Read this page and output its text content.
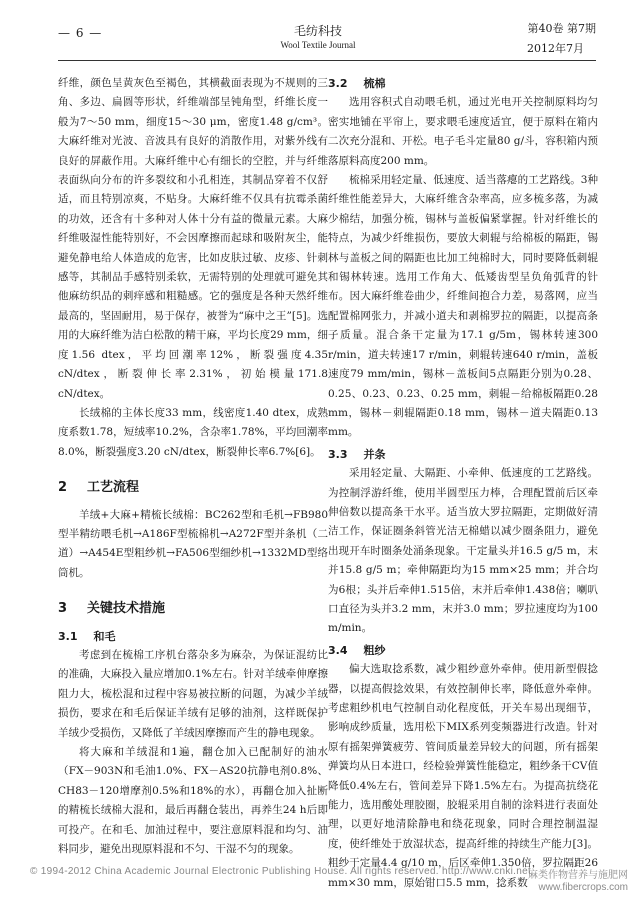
— 6 —	毛纺科技
Wool Textile Journal
第40卷 第7期
2012年7月

纤维，颜色呈黄灰色至褐色，其横截面表现为不规则的三角、多边、扁圆等形状，纤维端部呈钝角型，纤维长度一般为7～50 mm，细度15～30 μm，密度1.48 g/cm³。大麻纤维对光波、音波具有良好的消散作用，对紫外线有良好的屏蔽作用。大麻纤维中心有细长的空腔，并与纤维表面纵向分布的许多裂纹和小孔相连，其制品穿着不仅舒适，而且特别凉爽，不贴身。大麻纤维不仅具有抗霉杀菌的功效，还含有十多种对人体十分有益的微量元素。大麻纤维吸湿性能特别好，不会因摩擦而起球和吸附灰尘，能避免静电给人体造成的危害，比如皮肤过敏、皮疹、针刺感等，其制品手感特别柔软，无需特别的处理就可避免其他麻纺织品的刺痒感和粗糙感。它的强度是各种天然纤维最高的，坚固耐用，易于保存，被誉为“麻中之王”[5]。选用的大麻纤维为洁白松散的精干麻，平均长度29 mm，细度1.56 dtex，平均回潮率12%，断裂强度4.35 cN/dtex，断裂伸长率2.31%，初始模量171.8 cN/dtex。

长绒棉的主体长度33 mm，线密度1.40 dtex，成熟度系数1.78，短绒率10.2%，含杂率1.78%，平均回潮率8.0%，断裂强度3.20 cN/dtex，断裂伸长率6.7%[6]。

2 工艺流程

羊绒+大麻+精梳长绒棉：BC262型和毛机→FB980型半精纺喂毛机→A186F型梳棉机→A272F型并条机（二道）→A454E型粗纱机→FA506型细纱机→1332MD型络筒机。

3 关键技术措施
3.1 和毛

考虑到在梳棉工序机台落杂多为麻杂，为保证混纺比的准确，大麻投入量应增加0.1%左右。针对羊绒牵伸摩擦阻力大，梳松混和过程中容易被拉断的问题，为减少羊绒损伤，要求在和毛后保证羊绒有足够的油剂，这样既保护羊绒少受损伤，又降低了羊绒因摩擦而产生的静电现象。

将大麻和羊绒混和1遍，翻仓加入已配制好的油水（FX－903N和毛油1.0%、FX－AS20抗静电剂0.8%、CH83－120增摩剂0.5%和18%的水），再翻仓加入扯断的精梳长绒棉大混和，最后再翻仓装出，再养生24 h后即可投产。在和毛、加油过程中，要注意原料混和均匀、油料同步，避免出现原料混和不匀、干湿不匀的现象。

3.2 梳棉

选用容积式自动喂毛机，通过光电开关控制原料均匀密实地铺在平帘上，要求喂毛速度适宜，便于原料在箱内二次充分混和、开松。电子毛斗定量80 g/斗，容积箱内预落原料高度200 mm。

梳棉采用轻定量、低速度、适当落瘪的工艺路线。3种纤维性能差异大，大麻纤维含杂率高，应多梳多落，为减少棉结，加强分梳，锡林与盖板偏紧掌握。针对纤维长的特点，为减少纤维损伤，要放大刺辊与给棉板的隔距，锡林与盖板之间的隔距也比加工纯棉时大，同时要降低刺辊和锡林转速。选用工作角大、低矮齿型呈负角弧背的针布。因大麻纤维卷曲少，纤维间抱合力差，易落网，应当配置棉网张力，并减小道夫和剥棉罗拉的隔距，以提高条子质量。混合条干定量为17.1 g/5m，锡林转速300 r/min，道夫转速17 r/min，刺辊转速640 r/min，盖板速度79 mm/min，锡林－盖板间5点隔距分别为0.28、0.25、0.23、0.23、0.25 mm，刺辊－给棉板隔距0.28 mm，锡林－刺辊隔距0.18 mm，锡林－道夫隔距0.13 mm。

3.3 并条

采用轻定量、大隔距、小牵伸、低速度的工艺路线。为控制浮游纤维，使用半圆型压力棒，合理配置前后区牵伸倍数以提高条干水平。适当放大罗拉隔距，定期做好清洁工作，保证圈条斜管光洁无棉蜡以减少圈条阻力，避免出现开车时圈条处涌条现象。干定量头并16.5 g/5 m，末并15.8 g/5 m；牵伸隔距均为15 mm×25 mm；并合均为6根；头并后牵伸1.515倍，末并后牵伸1.438倍；喇叭口直径为头并3.2 mm，末并3.0 mm；罗拉速度均为100 m/min。

3.4 粗纱

偏大选取捻系数，减少粗纱意外牵伸。使用新型假捻器，以提高假捻效果，有效控制伸长率，降低意外牵伸。考虑粗纱机电气控制自动化程度低，开关车易出现细节，影响成纱质量，选用松下MIX系列变频器进行改造。针对原有摇架弹簧疲劳、管间质量差异较大的问题，所有摇架弹簧均从日本进口，经检验弹簧性能稳定，粗纱条干CV值降低0.4%左右，管间差异下降1.5%左右。为提高抗绕花能力，选用酸处理胶圈，胶辊采用自制的涂料进行表面处理，以更好地清除静电和绕花现象，同时合理控制温湿度，使纤维处于放湿状态，提高纤维的持续生产能力[3]。粗纱干定量4.4 g/10 m，后区牵伸1.350倍，罗拉隔距26 mm×30 mm，原始钳口5.5 mm，捻系数

© 1994-2012 China Academic Journal Electronic Publishing House. All rights reserved. http://www.cnki.net
麻类作物营养与施肥网
www.fibercrops.com
